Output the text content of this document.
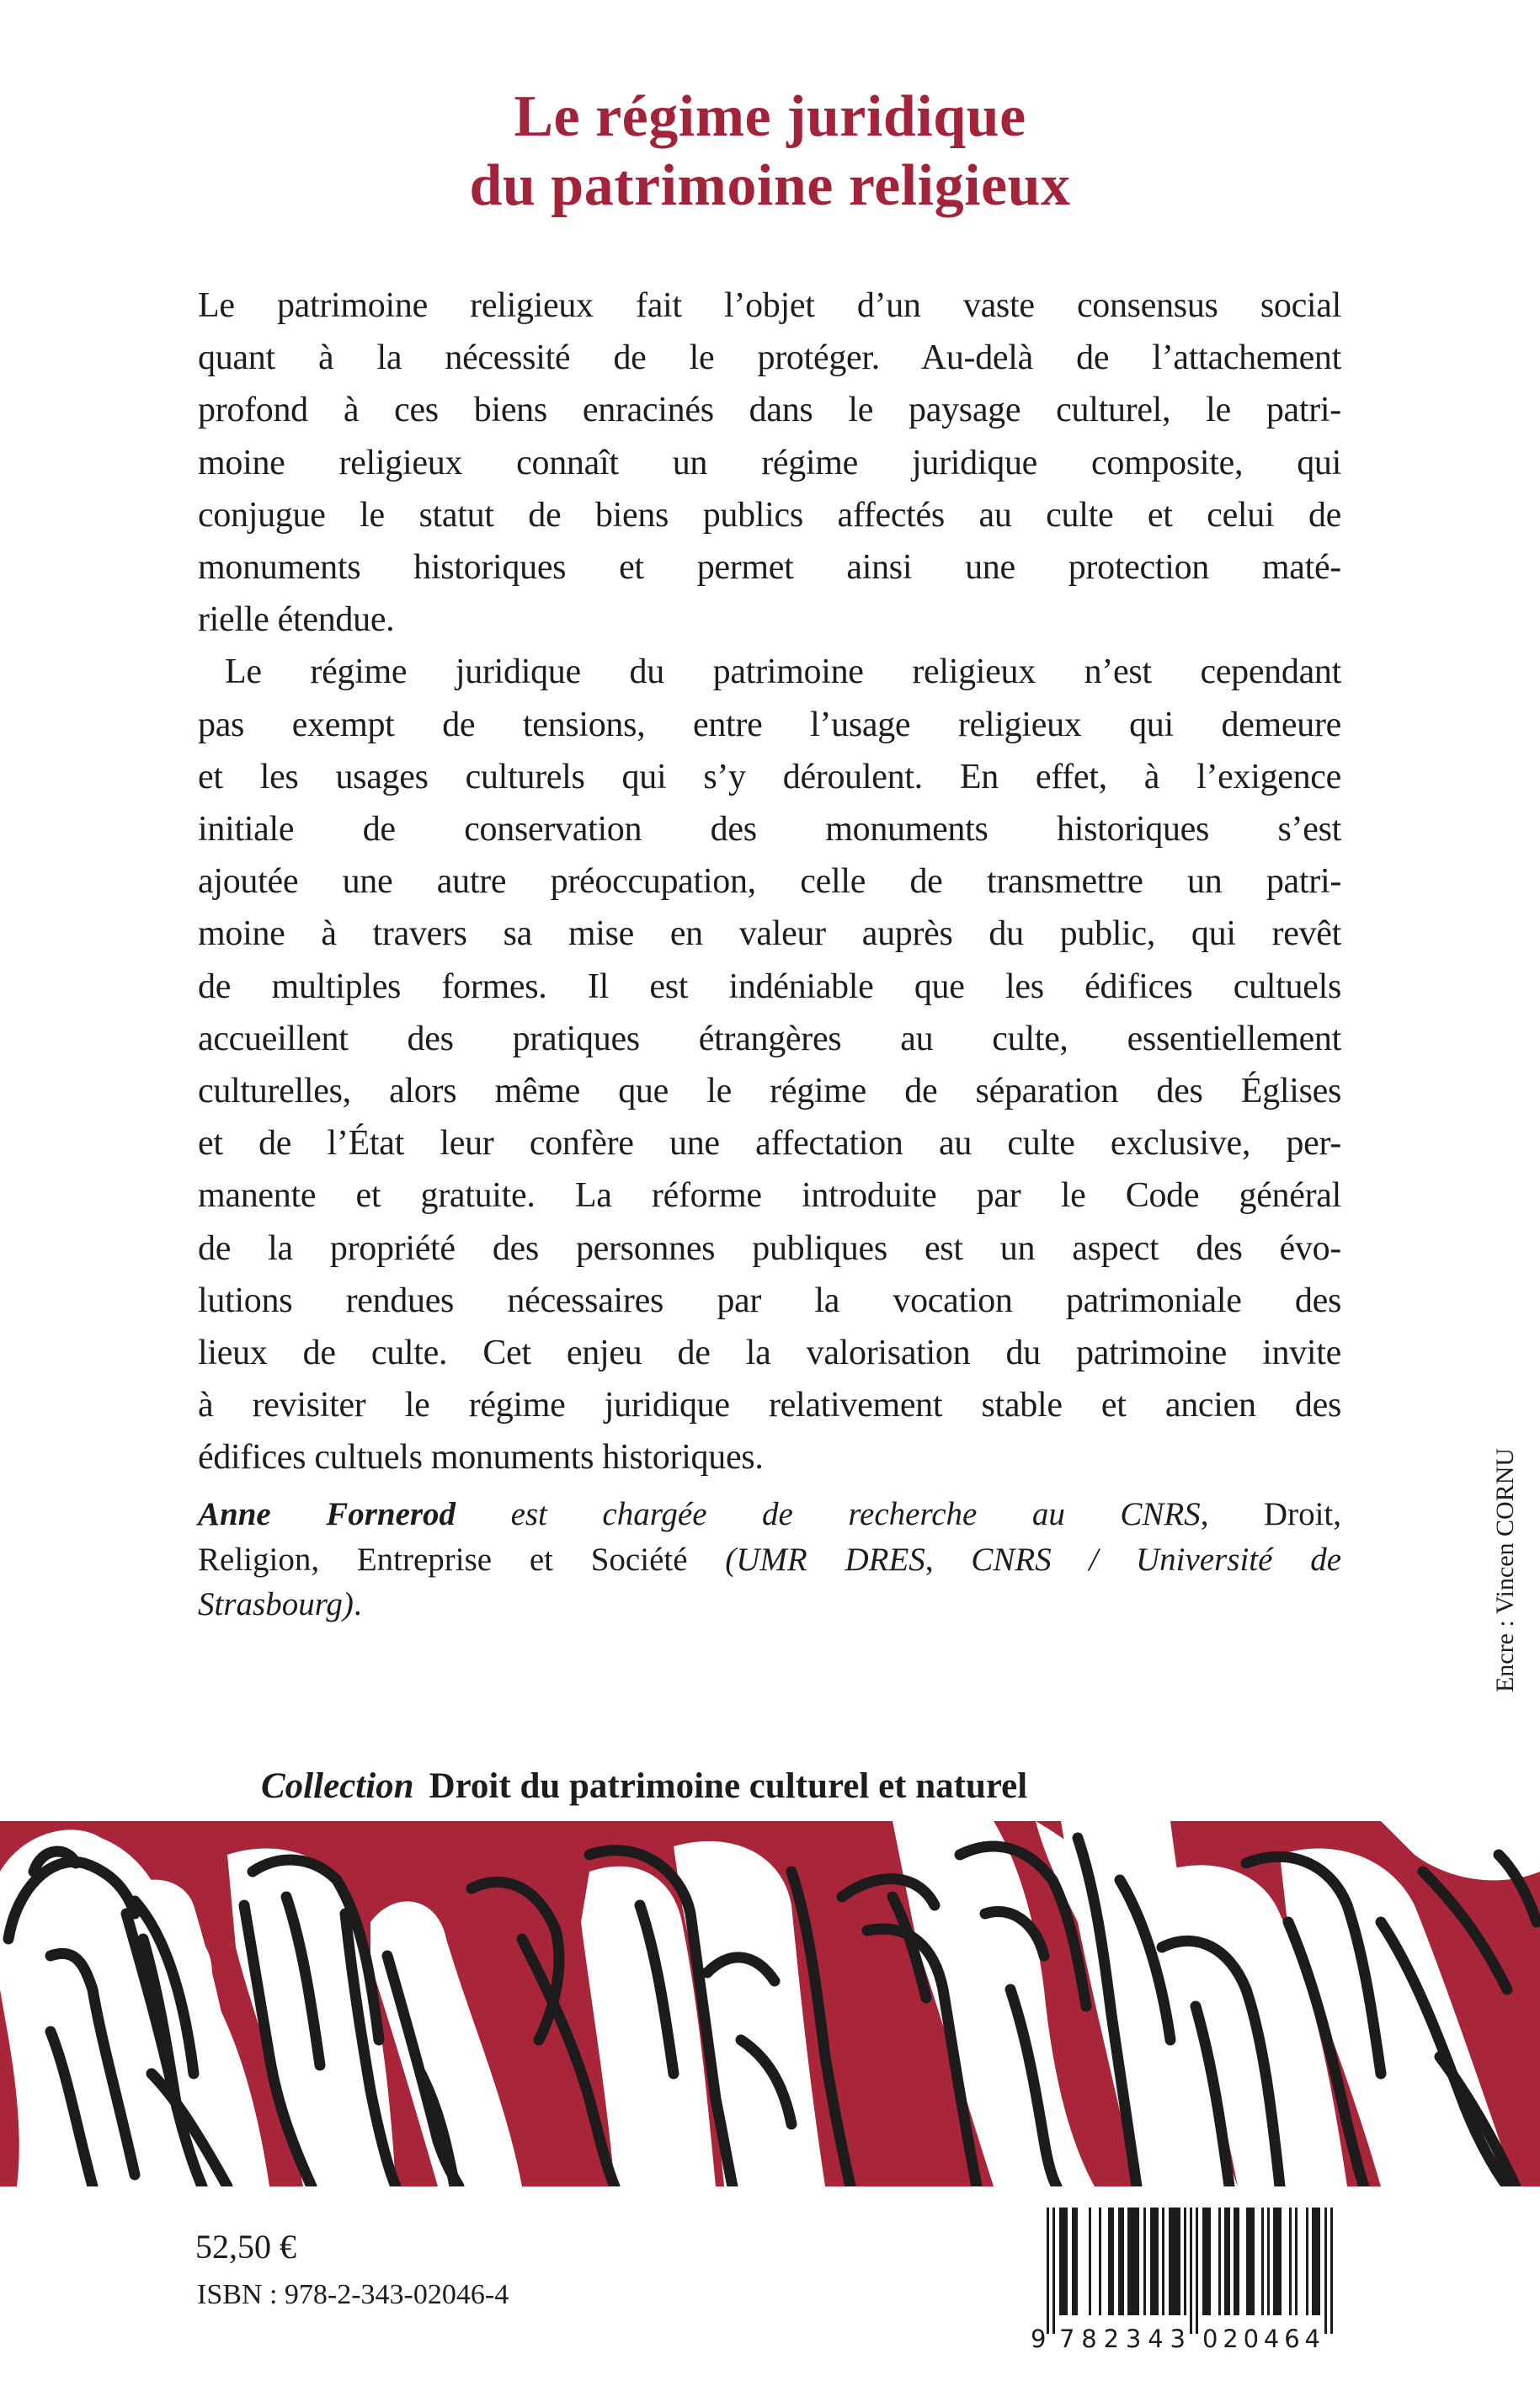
Le régime juridique
du patrimoine religieux

Le patrimoine religieux fait l’objet d’un vaste consensus social
quant à la nécessité de le protéger. Au-delà de l’attachement
profond à ces biens enracinés dans le paysage culturel, le patri-
moine religieux connaît un régime juridique composite, qui
conjugue le statut de biens publics affectés au culte et celui de
monuments historiques et permet ainsi une protection maté-
rielle étendue.

Le régime juridique du patrimoine religieux n’est cependant
pas exempt de tensions, entre l’usage religieux qui demeure
et les usages culturels qui s’y déroulent. En effet, à l’exigence
initiale de conservation des monuments historiques s’est
ajoutée une autre préoccupation, celle de transmettre un patri-
moine à travers sa mise en valeur auprès du public, qui revêt
de multiples formes. Il est indéniable que les édifices cultuels
accueillent des pratiques étrangères au culte, essentiellement
culturelles, alors même que le régime de séparation des Églises
et de l’État leur confère une affectation au culte exclusive, per-
manente et gratuite. La réforme introduite par le Code général
de la propriété des personnes publiques est un aspect des évo-
lutions rendues nécessaires par la vocation patrimoniale des
lieux de culte. Cet enjeu de la valorisation du patrimoine invite
à revisiter le régime juridique relativement stable et ancien des
édifices cultuels monuments historiques.

Anne Fornerod est chargée de recherche au CNRS, Droit,
Religion, Entreprise et Société (UMR DRES, CNRS / Université de
Strasbourg).	Encre : Vincen CORNU
Collection Droit du patrimoine culturel et naturel
52,50 €
ISBN : 978-2-343-02046-4
9 782343 020464
